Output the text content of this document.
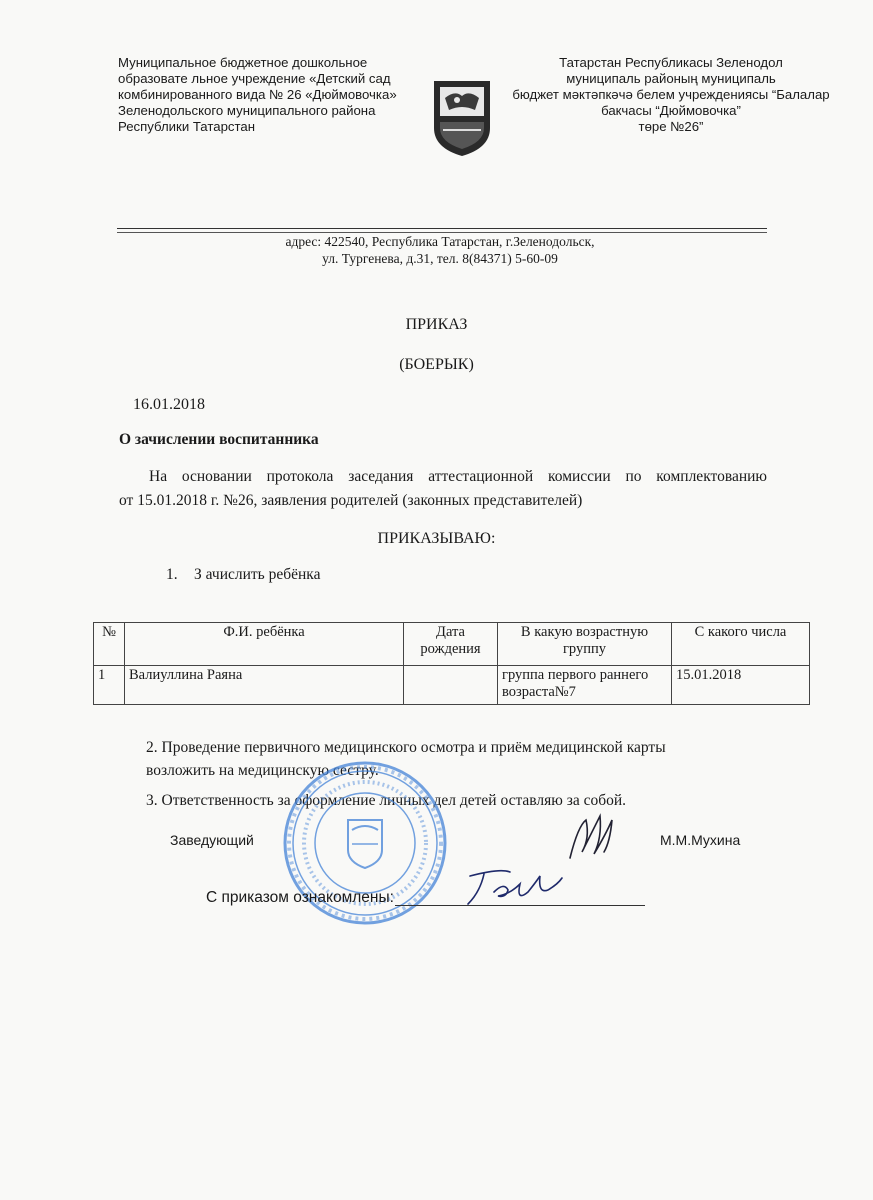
Муниципальное бюджетное дошкольное
образовате льное учреждение «Детский сад
комбинированного вида № 26 «Дюймовочка»
Зеленодольского муниципального района
Республики Татарстан
Татарстан Республикасы Зеленодол
муниципаль районың муниципаль
бюджет мәктәпкәчә белем учреждениясы “Балалар
бакчасы “Дюймовочка”
төре №26”
адрес: 422540, Республика Татарстан, г.Зеленодольск,
ул. Тургенева, д.31, тел. 8(84371) 5-60-09
ПРИКАЗ
(БОЕРЫК)
16.01.2018
О зачислении воспитанника
На основании протокола заседания аттестационной комиссии по комплектованию
от 15.01.2018 г. №26, заявления родителей (законных представителей)
ПРИКАЗЫВАЮ:
1. З ачислить ребёнка
№	Ф.И. ребёнка	Дата рождения	В какую возрастную группу	С какого числа
1	Валиуллина Раяна		группа первого раннего возраста№7	15.01.2018
2. Проведение первичного медицинского осмотра и приём медицинской карты
возложить на медицинскую сестру.
3. Ответственность за оформление личных дел детей оставляю за собой.
Заведующий	М.М.Мухина
С приказом ознакомлены:
